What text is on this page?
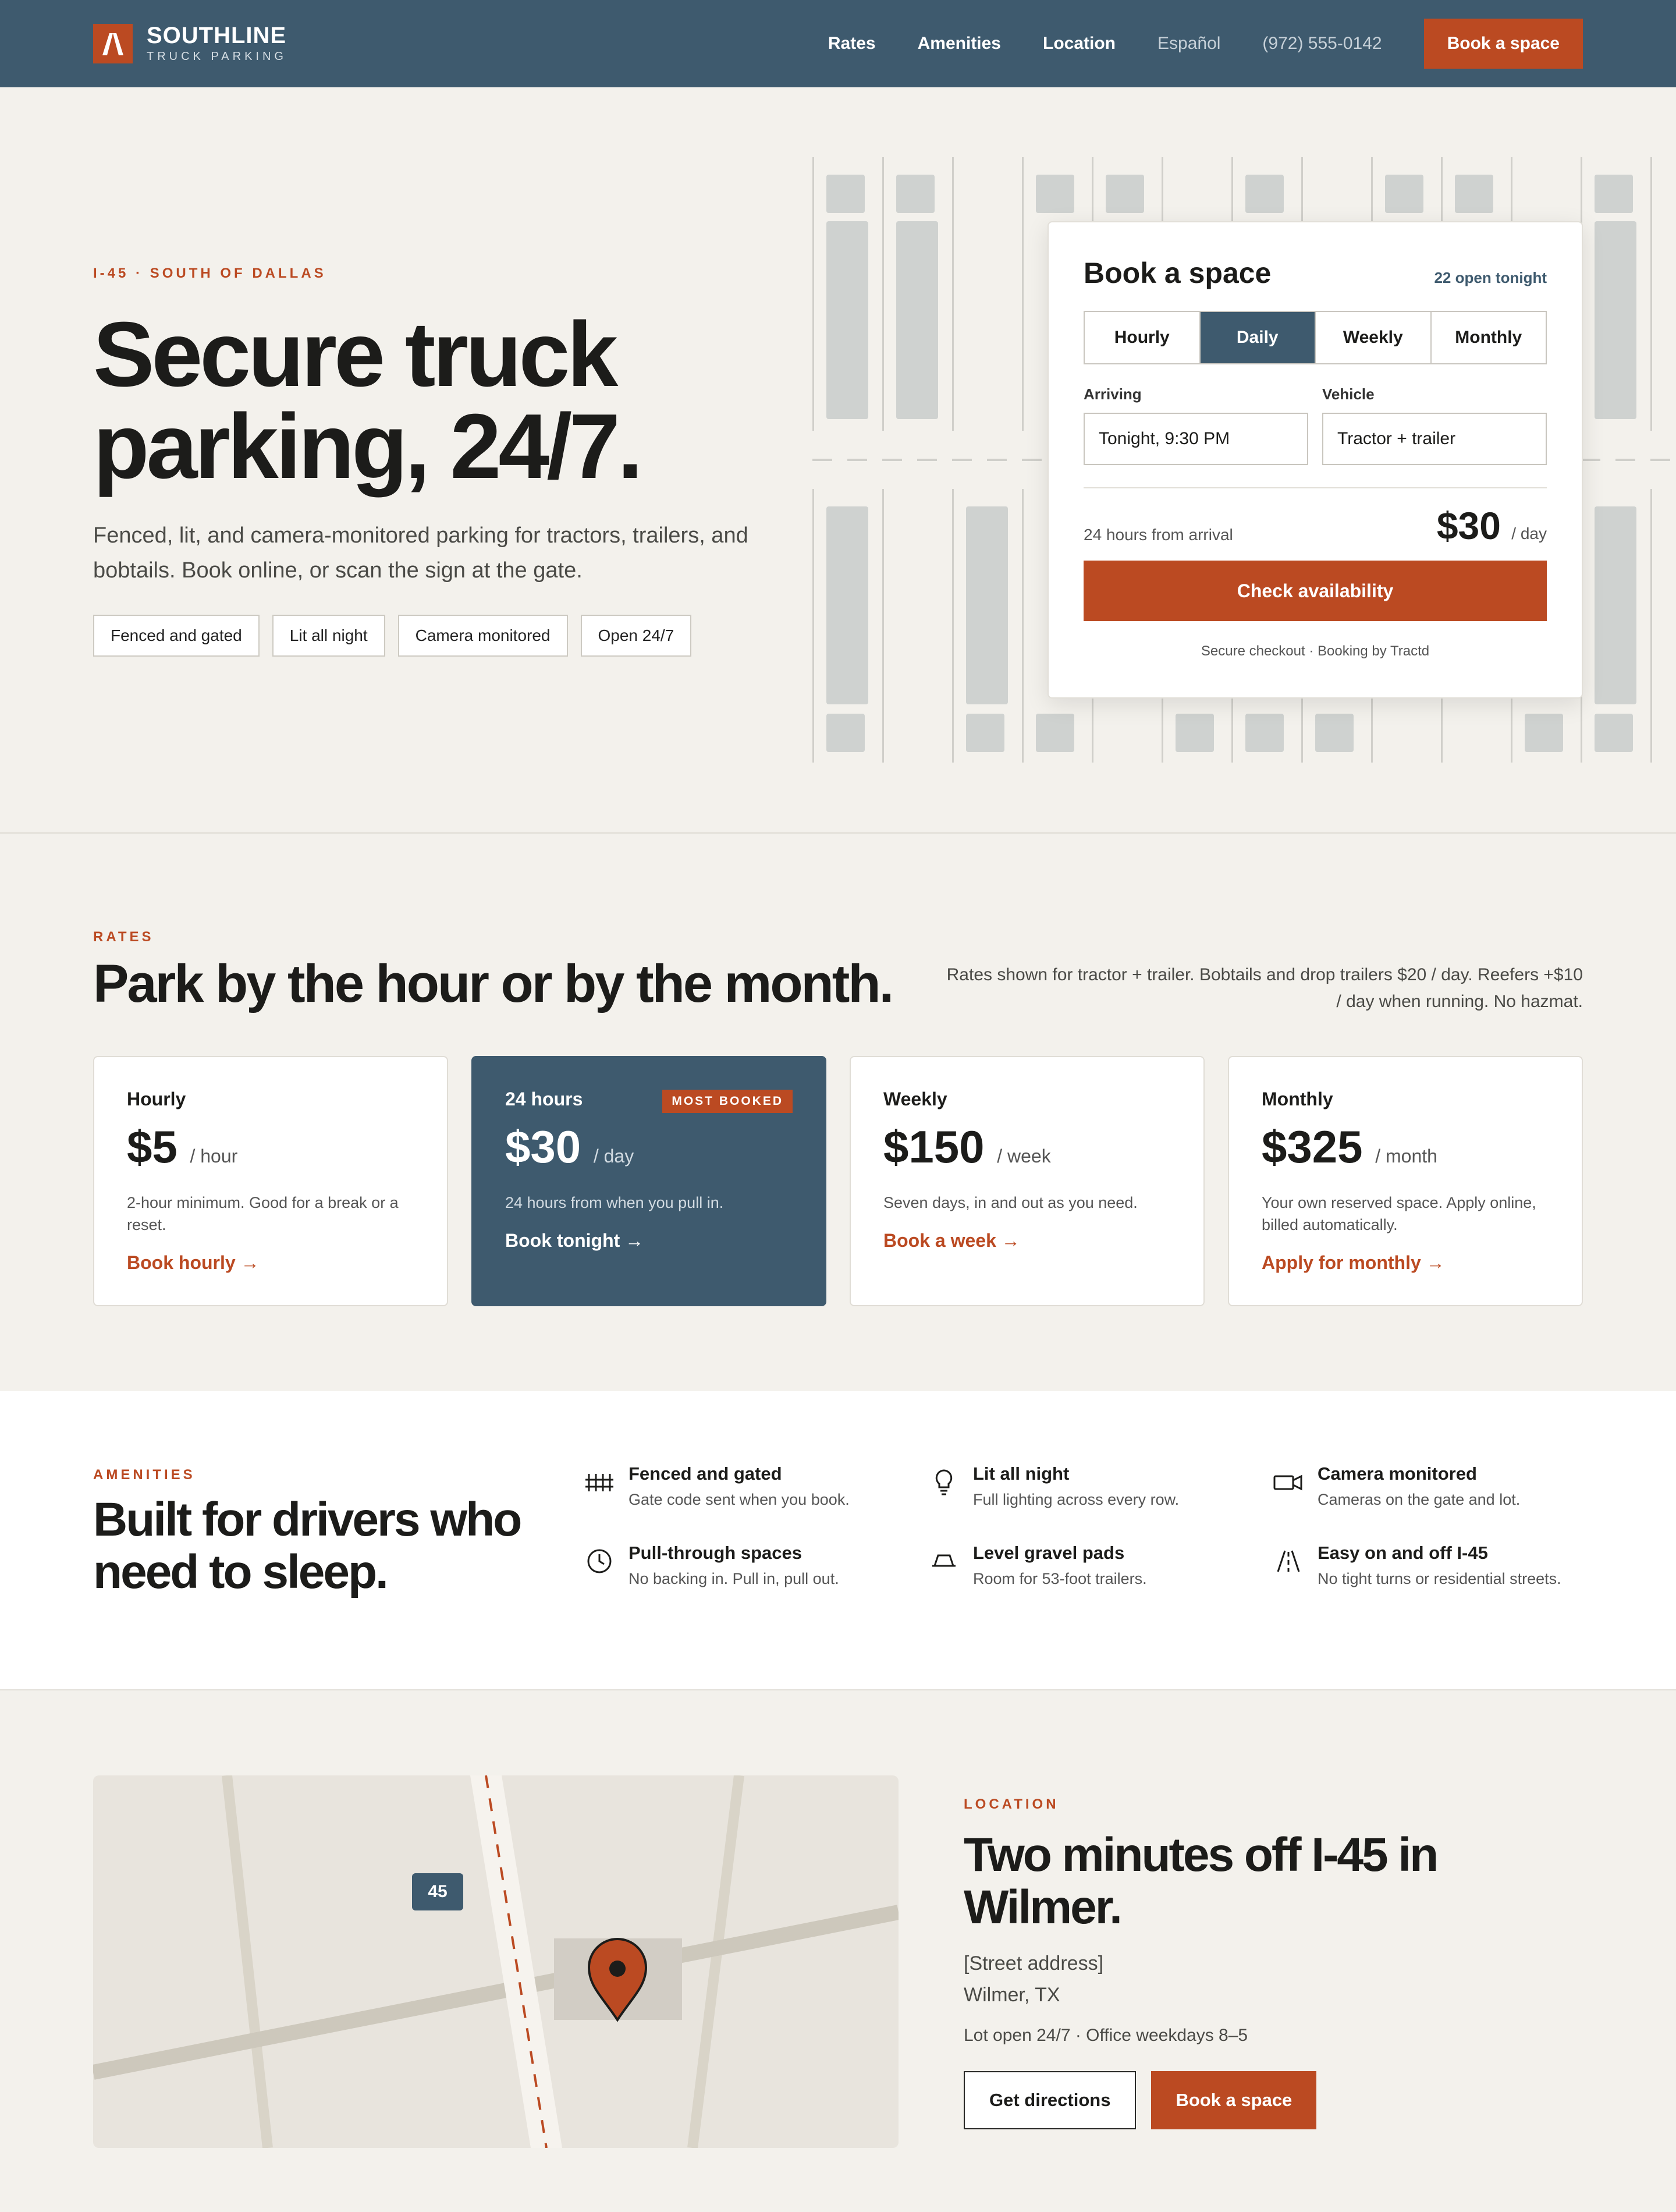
SOUTHLINE
TRUCK PARKING
Rates Amenities Location Español (972) 555-0142	Book a space
I-45 · SOUTH OF DALLAS
Secure truck parking, 24/7.

Fenced, lit, and camera-monitored parking for tractors, trailers, and bobtails. Book online, or scan the sign at the gate.

Fenced and gated	Lit all night	Camera monitored	Open 24/7
Book a space	22 open tonight
Hourly	Daily	Weekly	Monthly
Arriving
Tonight, 9:30 PM
Vehicle
Tractor + trailer
24 hours from arrival	$30 / day
Check availability
Secure checkout · Booking by Tractd
RATES
Park by the hour or by the month.	Rates shown for tractor + trailer. Bobtails and drop trailers $20 / day. Reefers +$10 / day when running. No hazmat.

Hourly
$5 / hour
2-hour minimum. Good for a break or a reset.
Book hourly →
MOST BOOKED
24 hours
$30 / day
24 hours from when you pull in.
Book tonight →
Weekly
$150 / week
Seven days, in and out as you need.
Book a week →
Monthly
$325 / month
Your own reserved space. Apply online, billed automatically.
Apply for monthly →
AMENITIES
Built for drivers who need to sleep.
Fenced and gated
Gate code sent when you book.
Lit all night
Full lighting across every row.
Camera monitored
Cameras on the gate and lot.
Pull-through spaces
No backing in. Pull in, pull out.
Level gravel pads
Room for 53-foot trailers.
Easy on and off I-45
No tight turns or residential streets.
45
LOCATION
Two minutes off I-45 in Wilmer.
[Street address]
Wilmer, TX
Lot open 24/7 · Office weekdays 8–5
Get directions	Book a space
